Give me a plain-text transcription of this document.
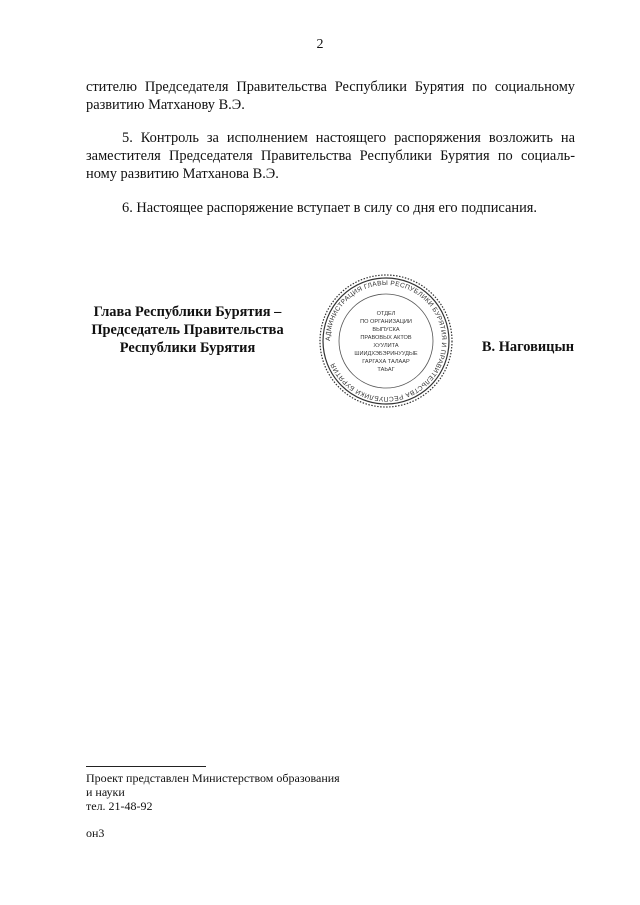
2
стителю Председателя Правительства Республики Бурятия по социальному развитию Матханову В.Э.
5. Контроль за исполнением настоящего распоряжения возложить на заместителя Председателя Правительства Республики Бурятия по социаль-ному развитию Матханова В.Э.
6. Настоящее распоряжение вступает в силу со дня его подписания.
Глава Республики Бурятия –
Председатель Правительства
Республики Бурятия
АДМИНИСТРАЦИЯ ГЛАВЫ РЕСПУБЛИКИ БУРЯТИЯ И ПРАВИТЕЛЬСТВА РЕСПУБЛИКИ БУРЯТИЯ
ОТДЕЛ
ПО ОРГАНИЗАЦИИ
ВЫПУСКА
ПРАВОВЫХ АКТОВ
ХУУЛИТА
ШИИДХЭБЭРИНУУДЫЕ
ГАРГАХА ТАЛААР
ТАЬАГ
В. Наговицын
Проект представлен Министерством образования
и науки
тел. 21-48-92
он3
